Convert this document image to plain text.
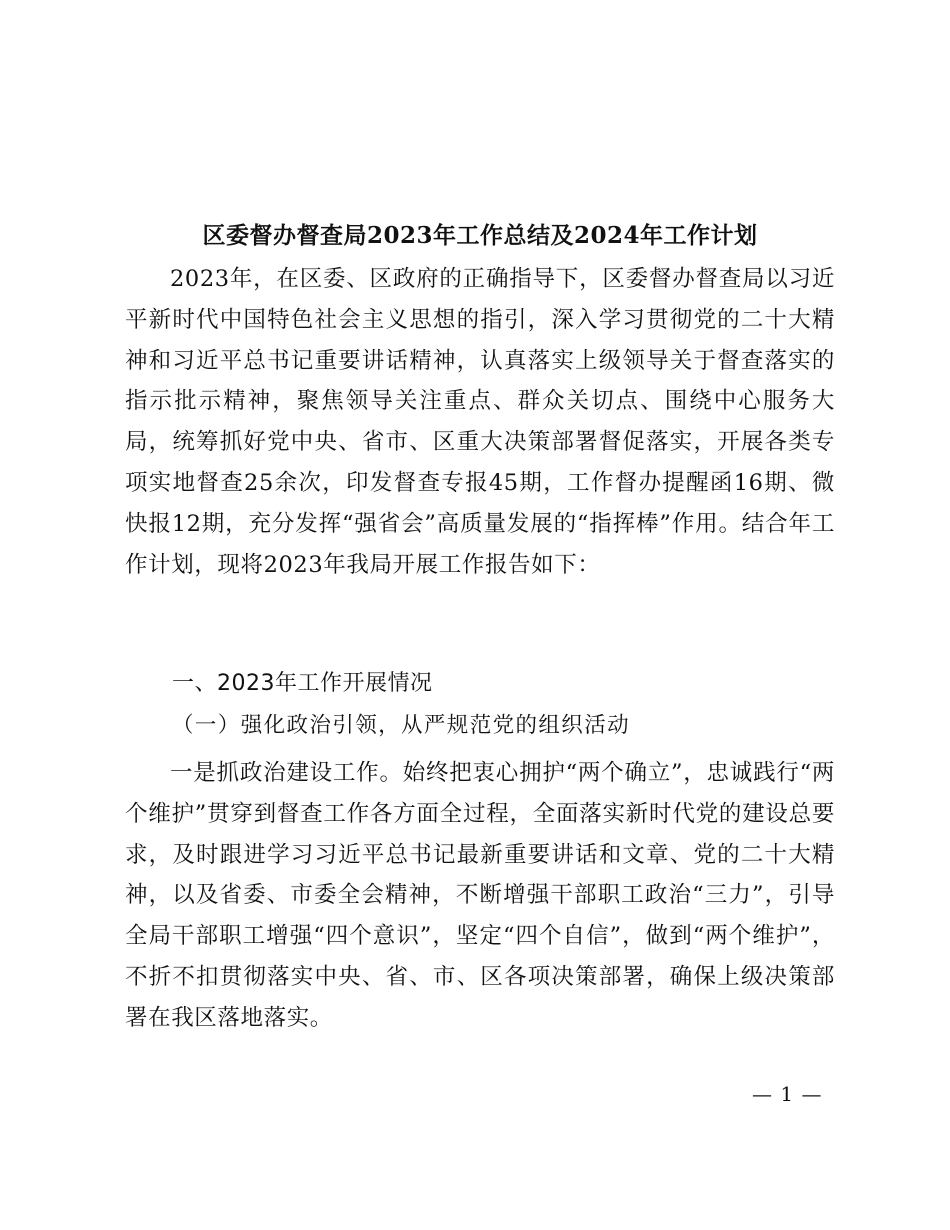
区委督办督查局2023年工作总结及2024年工作计划

2023年，在区委、区政府的正确指导下，区委督办督查局以习近平新时代中国特色社会主义思想的指引，深入学习贯彻党的二十大精神和习近平总书记重要讲话精神，认真落实上级领导关于督查落实的指示批示精神，聚焦领导关注重点、群众关切点、围绕中心服务大局，统筹抓好党中央、省市、区重大决策部署督促落实，开展各类专项实地督查25余次，印发督查专报45期，工作督办提醒函16期、微快报12期，充分发挥“强省会”高质量发展的“指挥棒”作用。结合年工作计划，现将2023年我局开展工作报告如下：

一、2023年工作开展情况
（一）强化政治引领，从严规范党的组织活动

一是抓政治建设工作。始终把衷心拥护“两个确立”，忠诚践行“两个维护”贯穿到督查工作各方面全过程，全面落实新时代党的建设总要求，及时跟进学习习近平总书记最新重要讲话和文章、党的二十大精神，以及省委、市委全会精神，不断增强干部职工政治“三力”，引导全局干部职工增强“四个意识”，坚定“四个自信”，做到“两个维护”，不折不扣贯彻落实中央、省、市、区各项决策部署，确保上级决策部署在我区落地落实。

— 1 —
